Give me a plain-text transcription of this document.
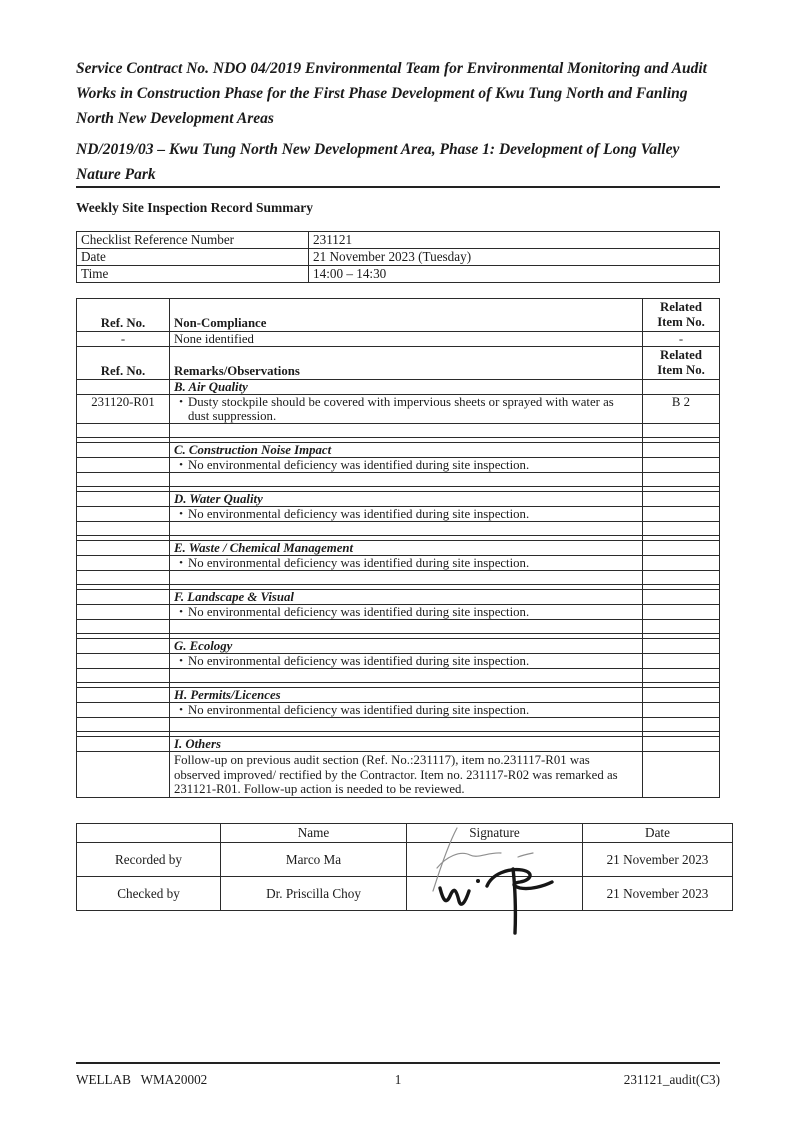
Service Contract No. NDO 04/2019 Environmental Team for Environmental Monitoring and Audit Works in Construction Phase for the First Phase Development of Kwu Tung North and Fanling North New Development Areas
ND/2019/03 – Kwu Tung North New Development Area, Phase 1: Development of Long Valley Nature Park
Weekly Site Inspection Record Summary
Checklist Reference Number	231121
Date	21 November 2023 (Tuesday)
Time	14:00 – 14:30
Ref. No.	Non-Compliance	Related
Item No.
-	None identified	-
Ref. No.	Remarks/Observations	Related
Item No.
	B. Air Quality	
231120-R01	• Dusty stockpile should be covered with impervious sheets or sprayed with water as dust suppression.	B 2

	C. Construction Noise Impact	

	• No environmental deficiency was identified during site inspection.	

	D. Water Quality	

	• No environmental deficiency was identified during site inspection.	

	E. Waste / Chemical Management	

	• No environmental deficiency was identified during site inspection.	

	F. Landscape & Visual	

	• No environmental deficiency was identified during site inspection.	

	G. Ecology	

	• No environmental deficiency was identified during site inspection.	

	H. Permits/Licences	

	• No environmental deficiency was identified during site inspection.	

	I. Others	
	Follow-up on previous audit section (Ref. No.:231117), item no.231117-R01 was observed improved/ rectified by the Contractor. Item no. 231117-R02 was remarked as 231121-R01. Follow-up action is needed to be reviewed.	
	Name	Signature	Date
Recorded by	Marco Ma		21 November 2023
Checked by	Dr. Priscilla Choy		21 November 2023
WELLAB   WMA20002	1	231121_audit(C3)
